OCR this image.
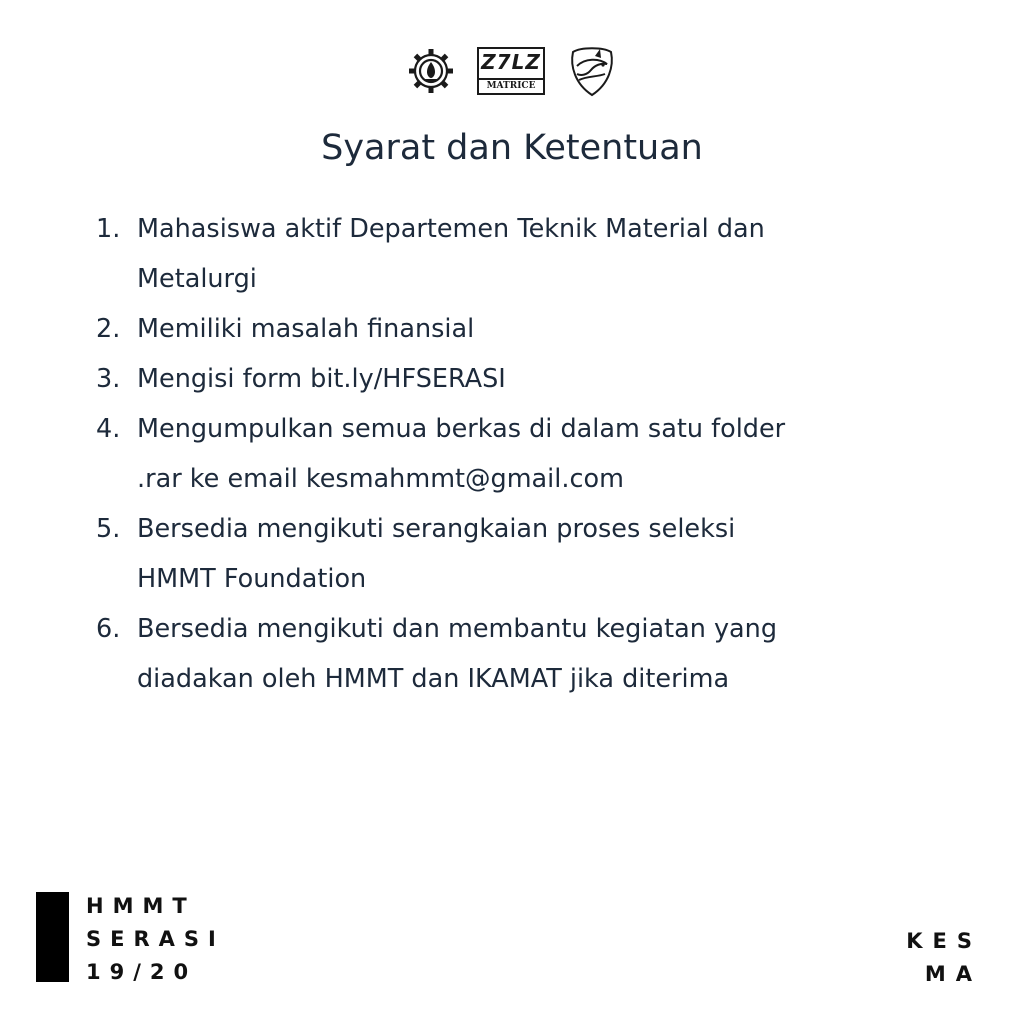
Z7LZ
MATRICE
Syarat dan Ketentuan
1. Mahasiswa aktif Departemen Teknik Material dan
Metalurgi
2. Memiliki masalah finansial
3. Mengisi form bit.ly/HFSERASI
4. Mengumpulkan semua berkas di dalam satu folder
.rar ke email kesmahmmt@gmail.com
5. Bersedia mengikuti serangkaian proses seleksi
HMMT Foundation
6. Bersedia mengikuti dan membantu kegiatan yang
diadakan oleh HMMT dan IKAMAT jika diterima
HMMT
SERASI
19/20
KES
MA
